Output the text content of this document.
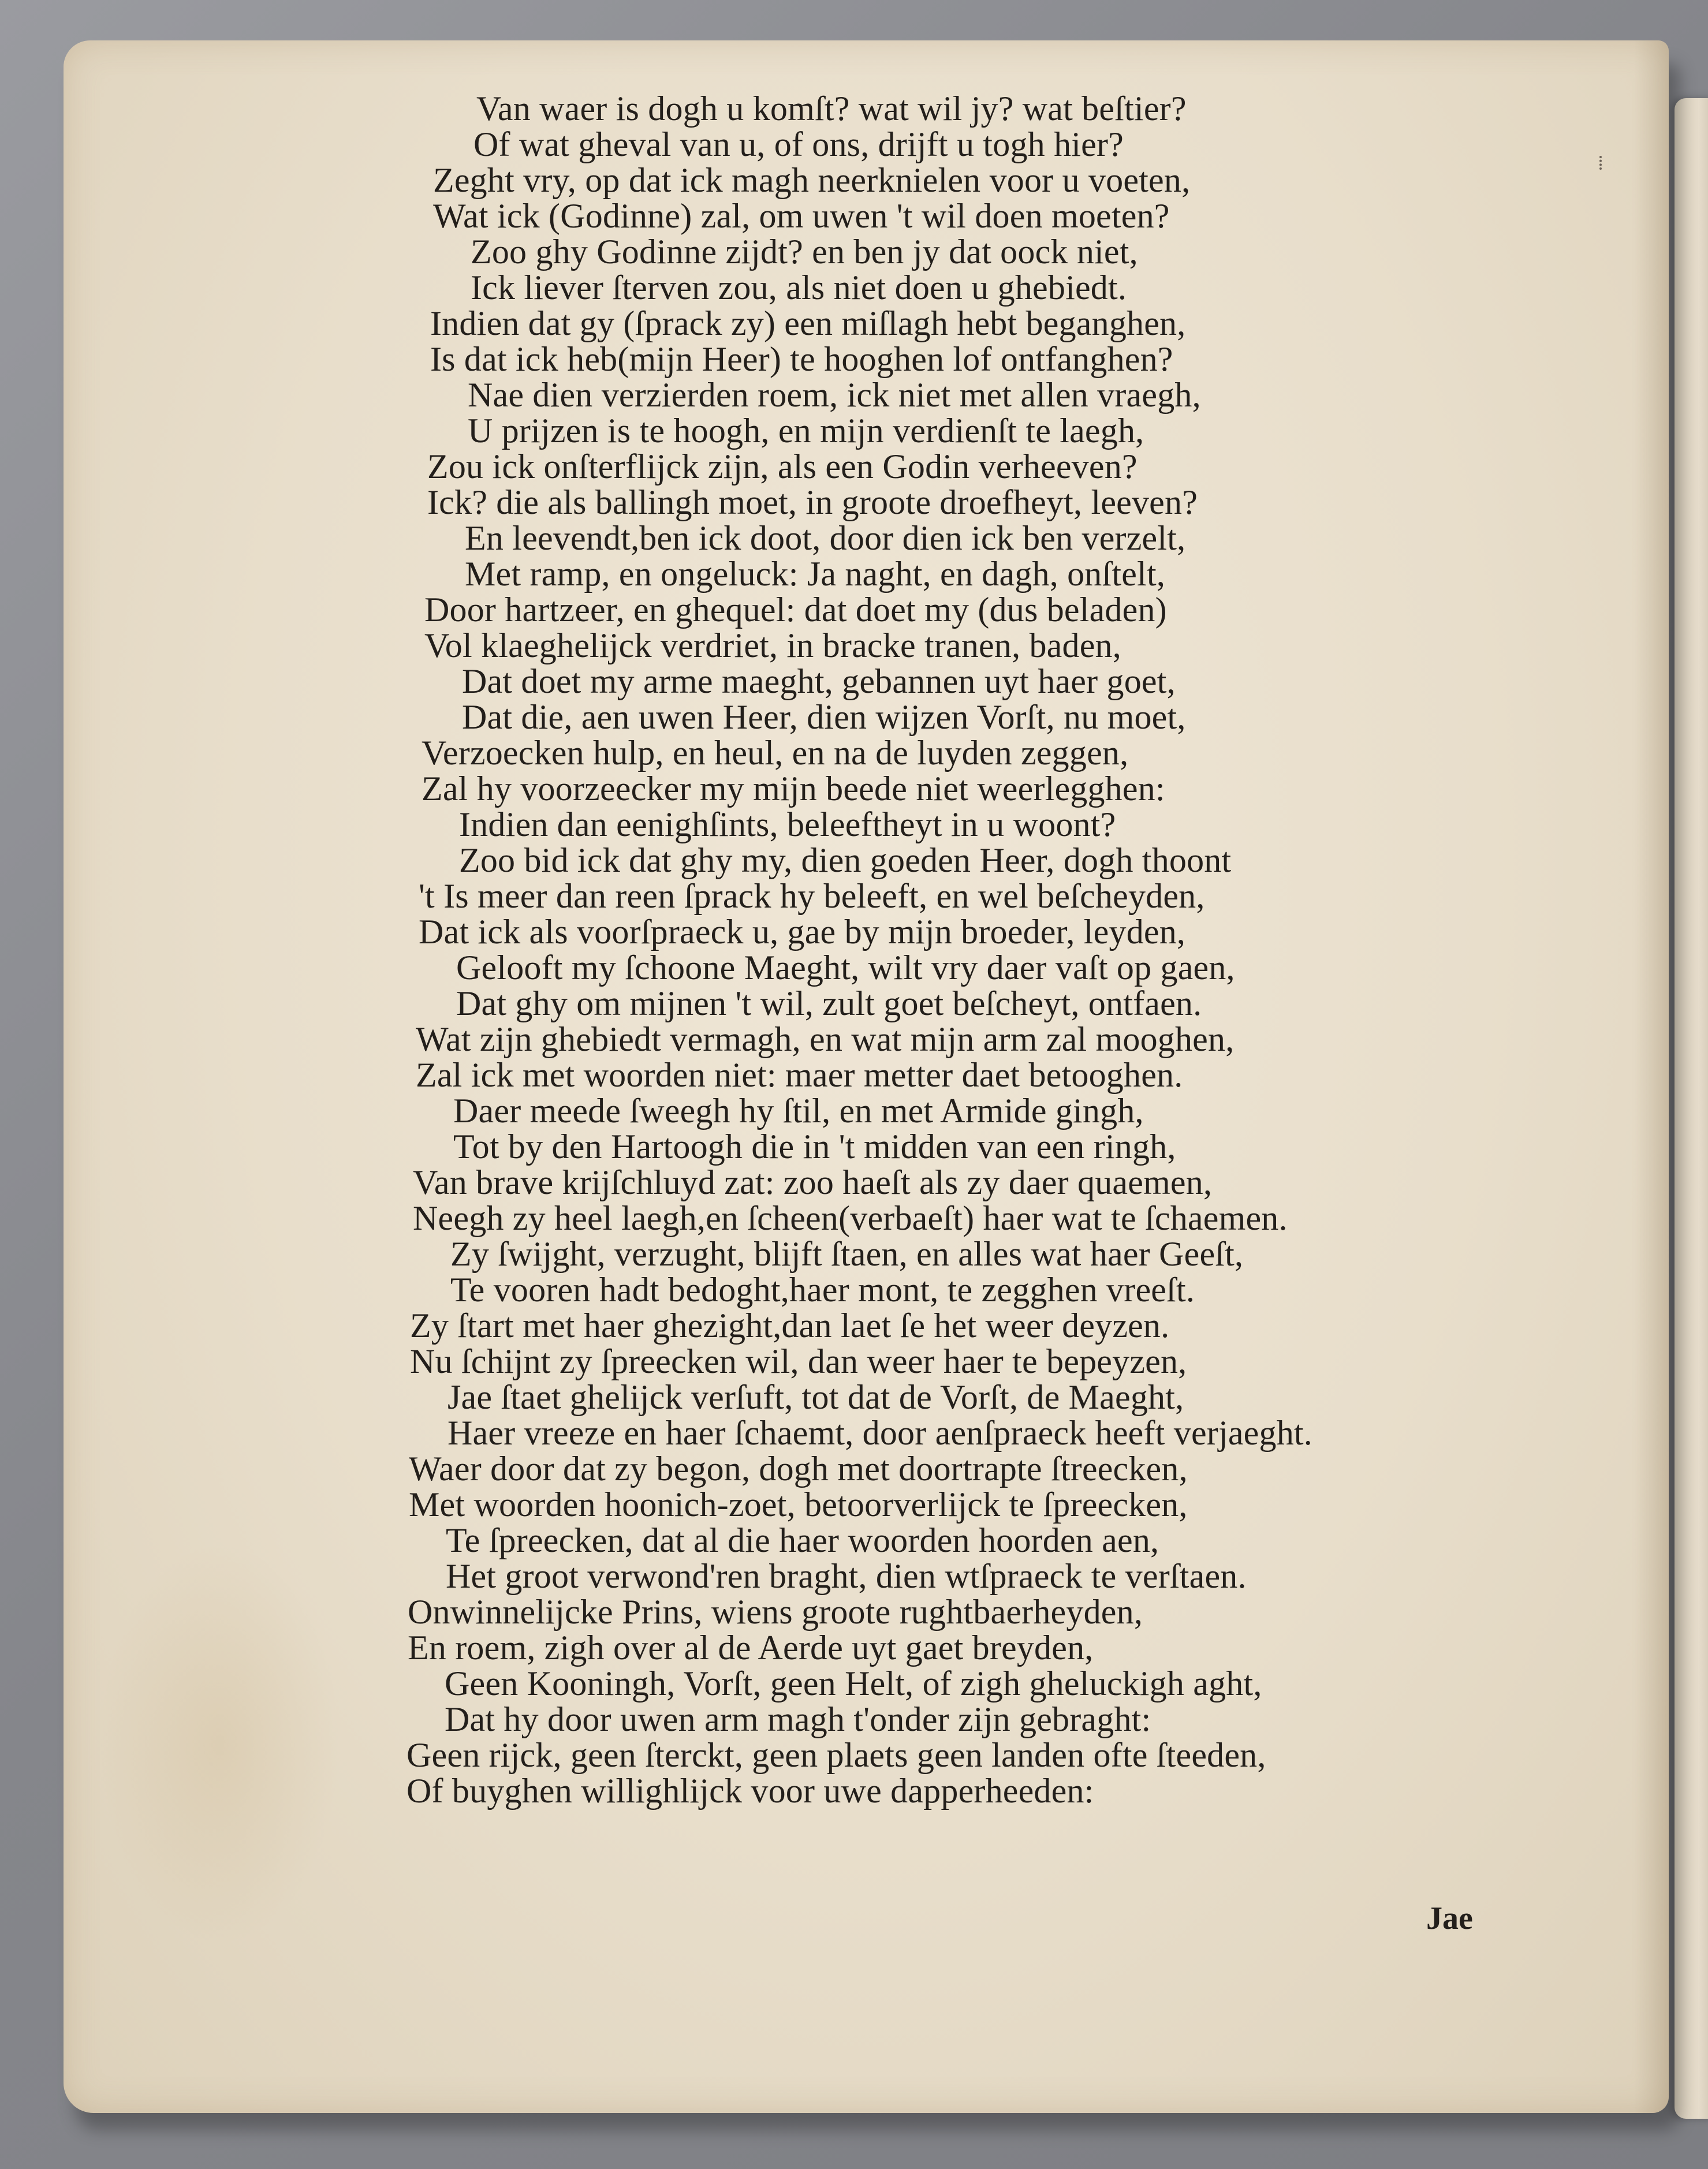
Van waer is dogh u komſt? wat wil jy? wat beſtier?
Of wat gheval van u, of ons, drijft u togh hier?
Zeght vry, op dat ick magh neerknielen voor u voeten,
Wat ick (Godinne) zal, om uwen 't wil doen moeten?
Zoo ghy Godinne zijdt? en ben jy dat oock niet,
Ick liever ſterven zou, als niet doen u ghebiedt.
Indien dat gy (ſprack zy) een miſlagh hebt beganghen,
Is dat ick heb(mijn Heer) te hooghen lof ontfanghen?
Nae dien verzierden roem, ick niet met allen vraegh,
U prijzen is te hoogh, en mijn verdienſt te laegh,
Zou ick onſterflijck zijn, als een Godin verheeven?
Ick? die als ballingh moet, in groote droefheyt, leeven?
En leevendt,ben ick doot, door dien ick ben verzelt,
Met ramp, en ongeluck: Ja naght, en dagh, onſtelt,
Door hartzeer, en ghequel: dat doet my (dus beladen)
Vol klaeghelijck verdriet, in bracke tranen, baden,
Dat doet my arme maeght, gebannen uyt haer goet,
Dat die, aen uwen Heer, dien wijzen Vorſt, nu moet,
Verzoecken hulp, en heul, en na de luyden zeggen,
Zal hy voorzeecker my mijn beede niet weerlegghen:
Indien dan eenighſints, beleeftheyt in u woont?
Zoo bid ick dat ghy my, dien goeden Heer, dogh thoont
't Is meer dan reen ſprack hy beleeft, en wel beſcheyden,
Dat ick als voorſpraeck u, gae by mijn broeder, leyden,
Gelooft my ſchoone Maeght, wilt vry daer vaſt op gaen,
Dat ghy om mijnen 't wil, zult goet beſcheyt, ontfaen.
Wat zijn ghebiedt vermagh, en wat mijn arm zal mooghen,
Zal ick met woorden niet: maer metter daet betooghen.
Daer meede ſweegh hy ſtil, en met Armide gingh,
Tot by den Hartoogh die in 't midden van een ringh,
Van brave krijſchluyd zat: zoo haeſt als zy daer quaemen,
Neegh zy heel laegh,en ſcheen(verbaeſt) haer wat te ſchaemen.
Zy ſwijght, verzught, blijft ſtaen, en alles wat haer Geeſt,
Te vooren hadt bedoght,haer mont, te zegghen vreeſt.
Zy ſtart met haer ghezight,dan laet ſe het weer deyzen.
Nu ſchijnt zy ſpreecken wil, dan weer haer te bepeyzen,
Jae ſtaet ghelijck verſuft, tot dat de Vorſt, de Maeght,
Haer vreeze en haer ſchaemt, door aenſpraeck heeft verjaeght.
Waer door dat zy begon, dogh met doortrapte ſtreecken,
Met woorden hoonich-zoet, betoorverlijck te ſpreecken,
Te ſpreecken, dat al die haer woorden hoorden aen,
Het groot verwond'ren braght, dien wtſpraeck te verſtaen.
Onwinnelijcke Prins, wiens groote rughtbaerheyden,
En roem, zigh over al de Aerde uyt gaet breyden,
Geen Kooningh, Vorſt, geen Helt, of zigh gheluckigh aght,
Dat hy door uwen arm magh t'onder zijn gebraght:
Geen rijck, geen ſterckt, geen plaets geen landen ofte ſteeden,
Of buyghen willighlijck voor uwe dapperheeden:
Jae
